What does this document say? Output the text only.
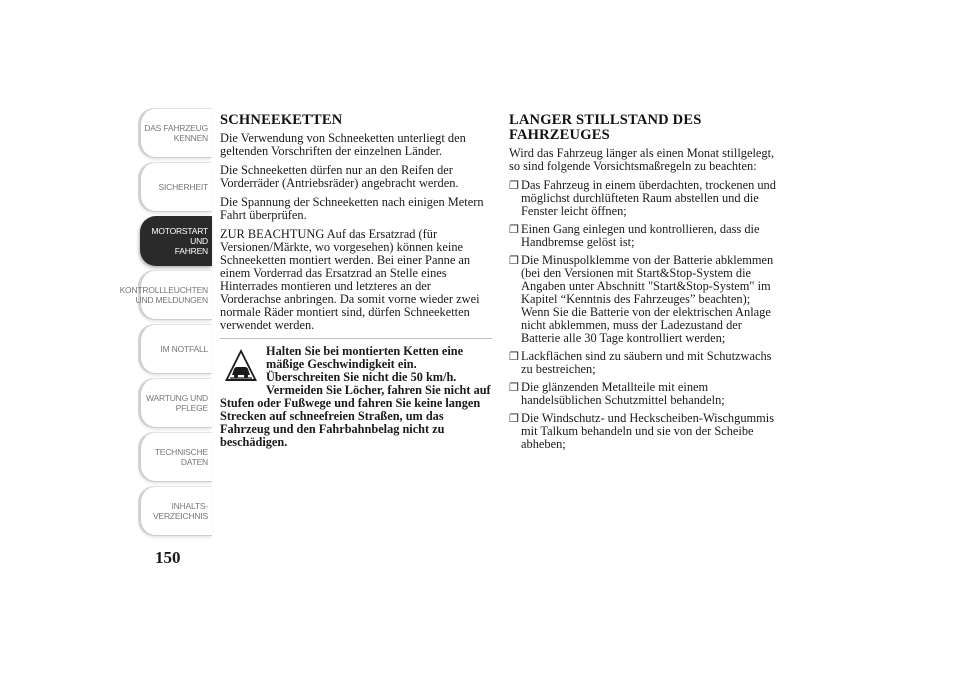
DAS FAHRZEUG
KENNEN
SICHERHEIT
MOTORSTART UND
FAHREN
KONTROLLLEUCHTEN
UND MELDUNGEN
IM NOTFALL
WARTUNG UND
PFLEGE
TECHNISCHE
DATEN
INHALTS-
VERZEICHNIS
150
SCHNEEKETTEN

Die Verwendung von Schneeketten unterliegt den geltenden Vorschriften der einzelnen Länder.

Die Schneeketten dürfen nur an den Reifen der Vorderräder (Antriebsräder) angebracht werden.

Die Spannung der Schneeketten nach einigen Metern Fahrt überprüfen.

ZUR BEACHTUNG Auf das Ersatzrad (für Versionen/Märkte, wo vorgesehen) können keine Schneeketten montiert werden. Bei einer Panne an einem Vorderrad das Ersatzrad an Stelle eines Hinterrades montieren und letzteres an der Vorderachse anbringen. Da somit vorne wieder zwei normale Räder montiert sind, dürfen Schneeketten verwendet werden.

Halten Sie bei montierten Ketten eine mäßige Geschwindigkeit ein. Überschreiten Sie nicht die 50 km/h. Vermeiden Sie Löcher, fahren Sie nicht auf Stufen oder Fußwege und fahren Sie keine langen Strecken auf schneefreien Straßen, um das Fahrzeug und den Fahrbahnbelag nicht zu beschädigen.

LANGER STILLSTAND DES FAHRZEUGES

Wird das Fahrzeug länger als einen Monat stillgelegt, so sind folgende Vorsichtsmaßregeln zu beachten:

❐ Das Fahrzeug in einem überdachten, trockenen und möglichst durchlüfteten Raum abstellen und die Fenster leicht öffnen;
❐ Einen Gang einlegen und kontrollieren, dass die Handbremse gelöst ist;
❐ Die Minuspolklemme von der Batterie abklemmen (bei den Versionen mit Start&Stop-System die Angaben unter Abschnitt "Start&Stop-System" im Kapitel “Kenntnis des Fahrzeuges” beachten); Wenn Sie die Batterie von der elektrischen Anlage nicht abklemmen, muss der Ladezustand der Batterie alle 30 Tage kontrolliert werden;
❐ Lackflächen sind zu säubern und mit Schutzwachs zu bestreichen;
❐ Die glänzenden Metallteile mit einem handelsüblichen Schutzmittel behandeln;
❐ Die Windschutz- und Heckscheiben-Wischgummis mit Talkum behandeln und sie von der Scheibe abheben;
